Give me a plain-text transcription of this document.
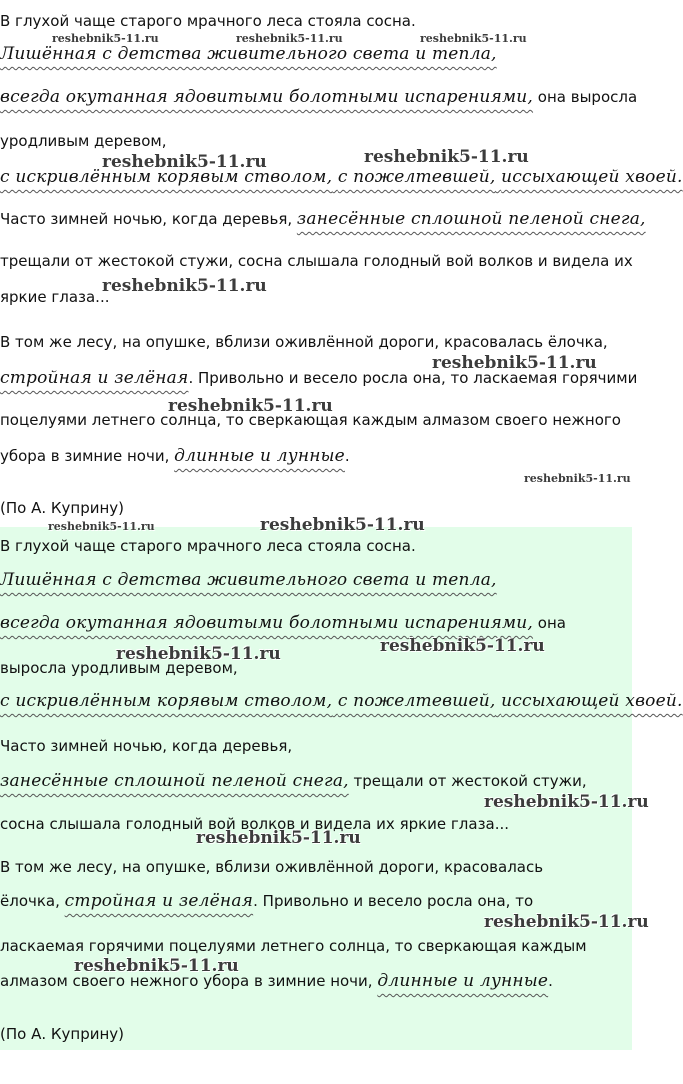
В глухой чаще старого мрачного леса стояла сосна.
Лишённая с детства живительного света и тепла,
всегда окутанная ядовитыми болотными испарениями, она выросла
уродливым деревом,
с искривлённым корявым стволом, с пожелтевшей, иссыхающей хвоей.
Часто зимней ночью, когда деревья, занесённые сплошной пеленой снега,
трещали от жестокой стужи, сосна слышала голодный вой волков и видела их
яркие глаза...
В том же лесу, на опушке, вблизи оживлённой дороги, красовалась ёлочка,
стройная и зелёная. Привольно и весело росла она, то ласкаемая горячими
поцелуями летнего солнца, то сверкающая каждым алмазом своего нежного
убора в зимние ночи, длинные и лунные.
(По А. Куприну)
В глухой чаще старого мрачного леса стояла сосна.
Лишённая с детства живительного света и тепла,
всегда окутанная ядовитыми болотными испарениями, она
выросла уродливым деревом,
с искривлённым корявым стволом, с пожелтевшей, иссыхающей хвоей.
Часто зимней ночью, когда деревья,
занесённые сплошной пеленой снега, трещали от жестокой стужи,
сосна слышала голодный вой волков и видела их яркие глаза...
В том же лесу, на опушке, вблизи оживлённой дороги, красовалась
ёлочка, стройная и зелёная. Привольно и весело росла она, то
ласкаемая горячими поцелуями летнего солнца, то сверкающая каждым
алмазом своего нежного убора в зимние ночи, длинные и лунные.
(По А. Куприну)
reshebnik5-11.ru	reshebnik5-11.ru	reshebnik5-11.ru
reshebnik5-11.ru	reshebnik5-11.ru
reshebnik5-11.ru
reshebnik5-11.ru
reshebnik5-11.ru
reshebnik5-11.ru
reshebnik5-11.ru	reshebnik5-11.ru
reshebnik5-11.ru
reshebnik5-11.ru
reshebnik5-11.ru
reshebnik5-11.ru
reshebnik5-11.ru
reshebnik5-11.ru
